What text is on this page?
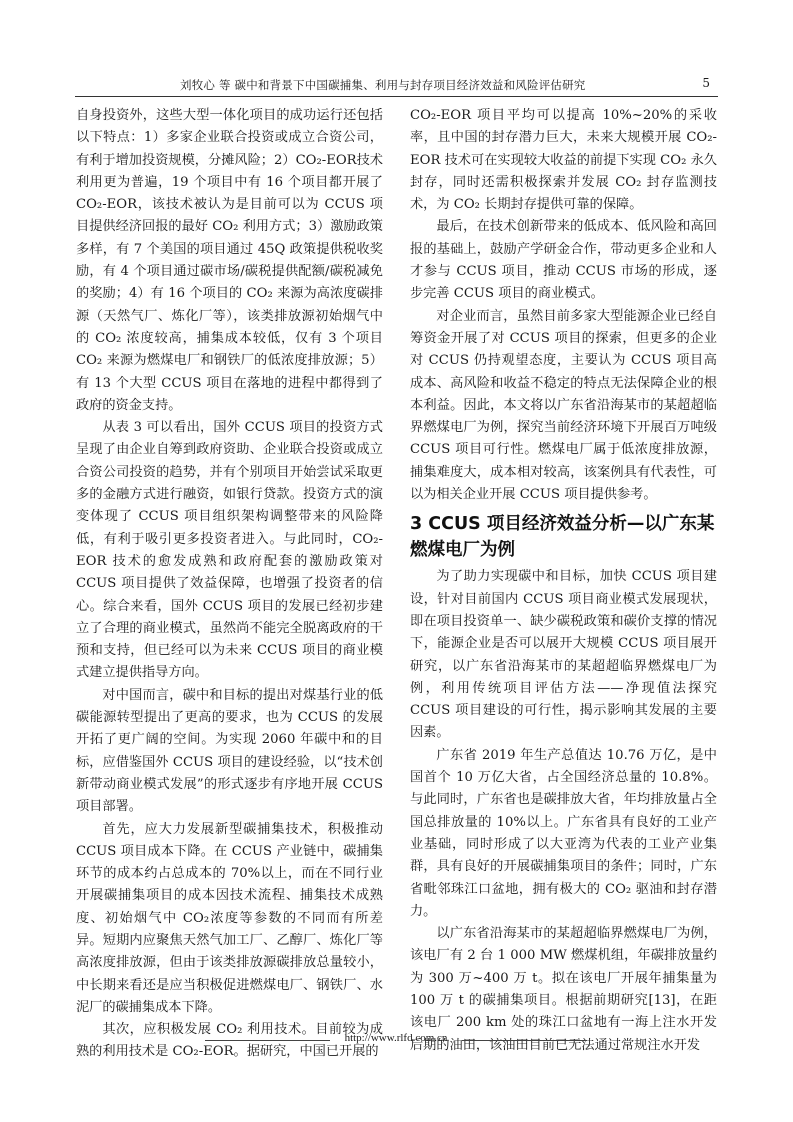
刘牧心 等 碳中和背景下中国碳捕集、利用与封存项目经济效益和风险评估研究	5

自身投资外，这些大型一体化项目的成功运行还包括以下特点：1）多家企业联合投资或成立合资公司，有利于增加投资规模，分摊风险；2）CO₂-EOR技术利用更为普遍，19 个项目中有 16 个项目都开展了 CO₂-EOR，该技术被认为是目前可以为 CCUS 项目提供经济回报的最好 CO₂ 利用方式；3）激励政策多样，有 7 个美国的项目通过 45Q 政策提供税收奖励，有 4 个项目通过碳市场/碳税提供配额/碳税减免的奖励；4）有 16 个项目的 CO₂ 来源为高浓度碳排源（天然气厂、炼化厂等），该类排放源初始烟气中的 CO₂ 浓度较高，捕集成本较低，仅有 3 个项目 CO₂ 来源为燃煤电厂和钢铁厂的低浓度排放源；5）有 13 个大型 CCUS 项目在落地的进程中都得到了政府的资金支持。

从表 3 可以看出，国外 CCUS 项目的投资方式呈现了由企业自筹到政府资助、企业联合投资或成立合资公司投资的趋势，并有个别项目开始尝试采取更多的金融方式进行融资，如银行贷款。投资方式的演变体现了 CCUS 项目组织架构调整带来的风险降低，有利于吸引更多投资者进入。与此同时，CO₂-EOR 技术的愈发成熟和政府配套的激励政策对 CCUS 项目提供了效益保障，也增强了投资者的信心。综合来看，国外 CCUS 项目的发展已经初步建立了合理的商业模式，虽然尚不能完全脱离政府的干预和支持，但已经可以为未来 CCUS 项目的商业模式建立提供指导方向。

对中国而言，碳中和目标的提出对煤基行业的低碳能源转型提出了更高的要求，也为 CCUS 的发展开拓了更广阔的空间。为实现 2060 年碳中和的目标，应借鉴国外 CCUS 项目的建设经验，以“技术创新带动商业模式发展”的形式逐步有序地开展 CCUS 项目部署。

首先，应大力发展新型碳捕集技术，积极推动 CCUS 项目成本下降。在 CCUS 产业链中，碳捕集环节的成本约占总成本的 70%以上，而在不同行业开展碳捕集项目的成本因技术流程、捕集技术成熟度、初始烟气中 CO₂浓度等参数的不同而有所差异。短期内应聚焦天然气加工厂、乙醇厂、炼化厂等高浓度排放源，但由于该类排放源碳排放总量较小，中长期来看还是应当积极促进燃煤电厂、钢铁厂、水泥厂的碳捕集成本下降。

其次，应积极发展 CO₂ 利用技术。目前较为成熟的利用技术是 CO₂-EOR。据研究，中国已开展的

CO₂-EOR 项目平均可以提高 10%~20%的采收率，且中国的封存潜力巨大，未来大规模开展 CO₂-EOR 技术可在实现较大收益的前提下实现 CO₂ 永久封存，同时还需积极探索并发展 CO₂ 封存监测技术，为 CO₂ 长期封存提供可靠的保障。

最后，在技术创新带来的低成本、低风险和高回报的基础上，鼓励产学研金合作，带动更多企业和人才参与 CCUS 项目，推动 CCUS 市场的形成，逐步完善 CCUS 项目的商业模式。

对企业而言，虽然目前多家大型能源企业已经自筹资金开展了对 CCUS 项目的探索，但更多的企业对 CCUS 仍持观望态度，主要认为 CCUS 项目高成本、高风险和收益不稳定的特点无法保障企业的根本利益。因此，本文将以广东省沿海某市的某超超临界燃煤电厂为例，探究当前经济环境下开展百万吨级 CCUS 项目可行性。燃煤电厂属于低浓度排放源，捕集难度大，成本相对较高，该案例具有代表性，可以为相关企业开展 CCUS 项目提供参考。

3 CCUS 项目经济效益分析—以广东某燃煤电厂为例

为了助力实现碳中和目标，加快 CCUS 项目建设，针对目前国内 CCUS 项目商业模式发展现状，即在项目投资单一、缺少碳税政策和碳价支撑的情况下，能源企业是否可以展开大规模 CCUS 项目展开研究，以广东省沿海某市的某超超临界燃煤电厂为例，利用传统项目评估方法——净现值法探究 CCUS 项目建设的可行性，揭示影响其发展的主要因素。

广东省 2019 年生产总值达 10.76 万亿，是中国首个 10 万亿大省，占全国经济总量的 10.8%。与此同时，广东省也是碳排放大省，年均排放量占全国总排放量的 10%以上。广东省具有良好的工业产业基础，同时形成了以大亚湾为代表的工业产业集群，具有良好的开展碳捕集项目的条件；同时，广东省毗邻珠江口盆地，拥有极大的 CO₂ 驱油和封存潜力。

以广东省沿海某市的某超超临界燃煤电厂为例，该电厂有 2 台 1 000 MW 燃煤机组，年碳排放量约为 300 万~400 万 t。拟在该电厂开展年捕集量为 100 万 t 的碳捕集项目。根据前期研究[13]，在距该电厂 200 km 处的珠江口盆地有一海上注水开发后期的油田，该油田目前已无法通过常规注水开发

http://www.rlfd.com.cn
